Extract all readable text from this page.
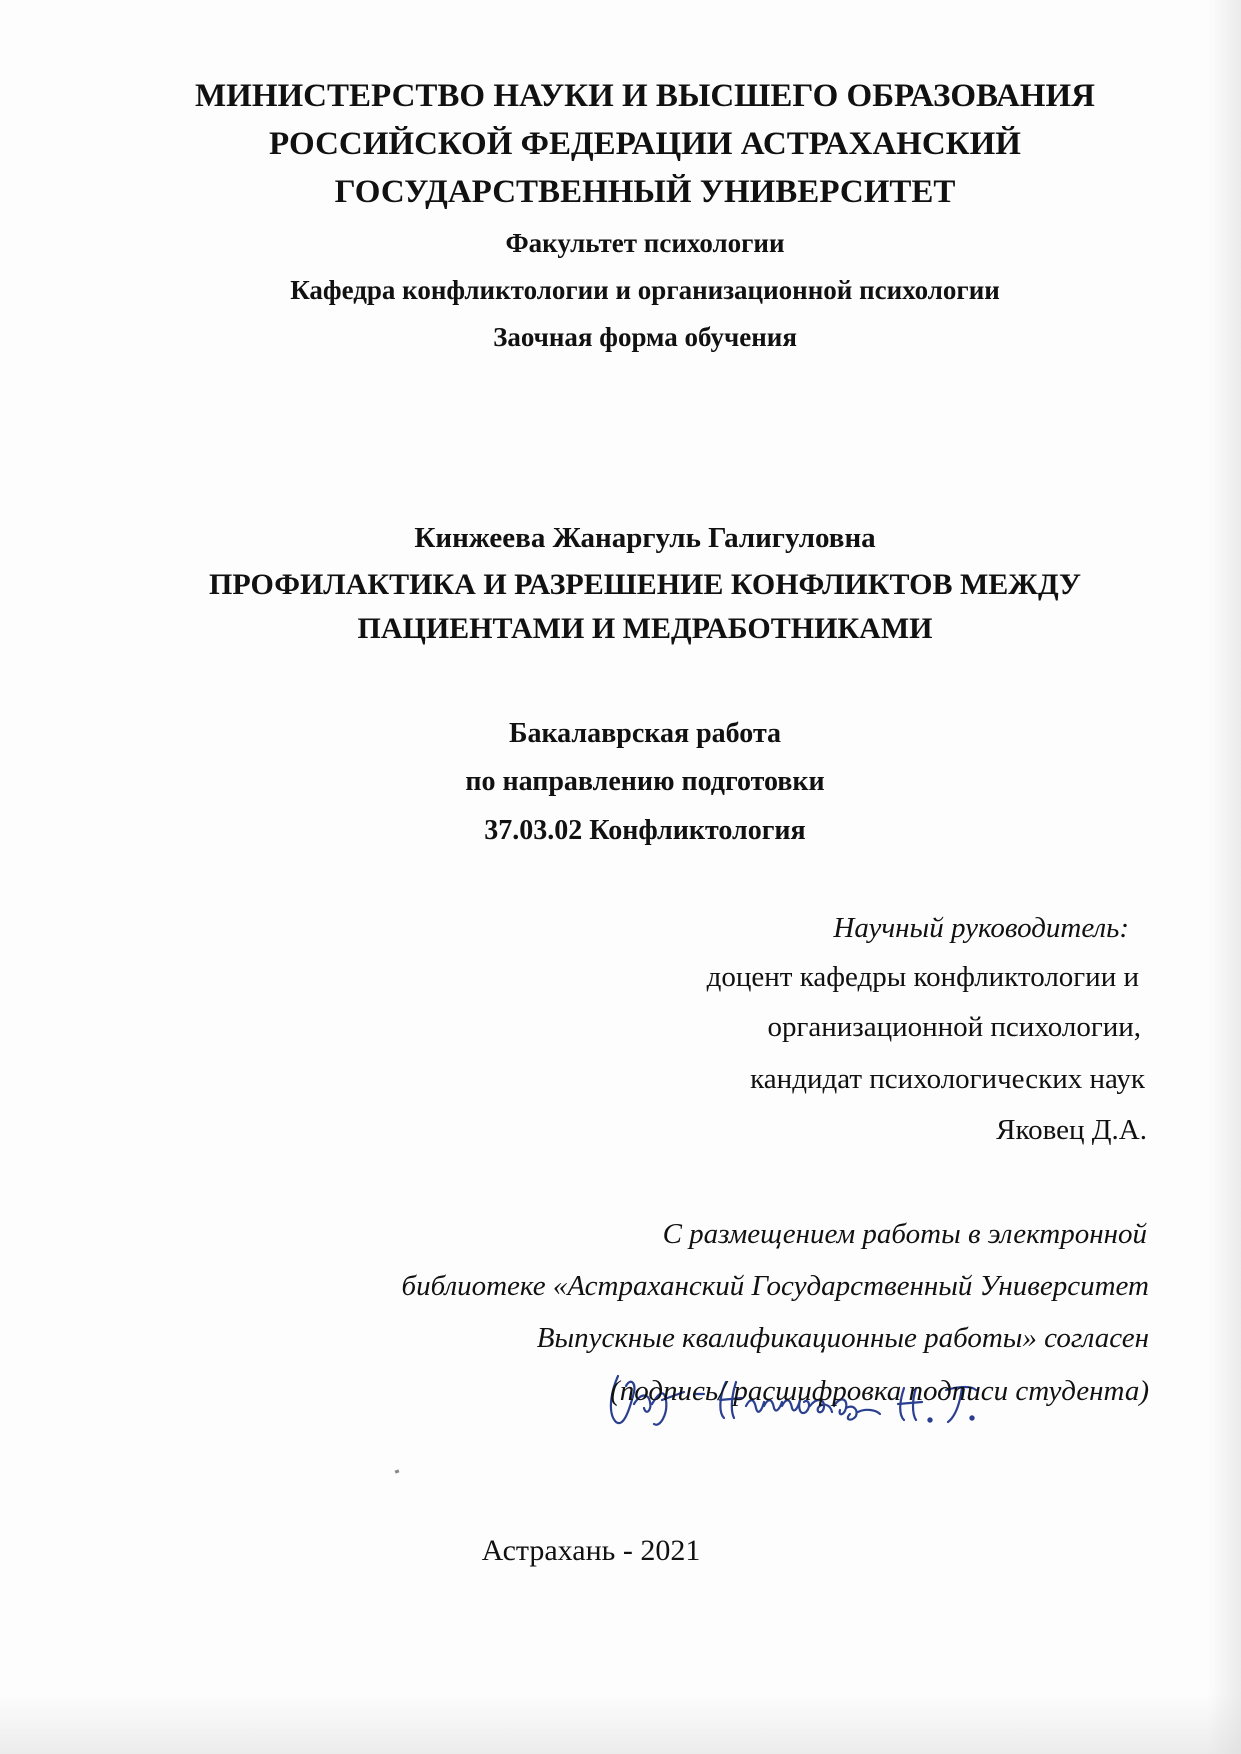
МИНИСТЕРСТВО НАУКИ И ВЫСШЕГО ОБРАЗОВАНИЯ
РОССИЙСКОЙ ФЕДЕРАЦИИ АСТРАХАНСКИЙ
ГОСУДАРСТВЕННЫЙ УНИВЕРСИТЕТ
Факультет психологии
Кафедра конфликтологии и организационной психологии
Заочная форма обучения
Кинжеева Жанаргуль Галигуловна
ПРОФИЛАКТИКА И РАЗРЕШЕНИЕ КОНФЛИКТОВ МЕЖДУ
ПАЦИЕНТАМИ И МЕДРАБОТНИКАМИ
Бакалаврская работа
по направлению подготовки
37.03.02 Конфликтология
Научный руководитель:
доцент кафедры конфликтологии и
организационной психологии,
кандидат психологических наук
Яковец Д.А.
С размещением работы в электронной
библиотеке «Астраханский Государственный Университет
Выпускные квалификационные работы» согласен
(подпись/ расшифровка подписи студента)
Астрахань - 2021
